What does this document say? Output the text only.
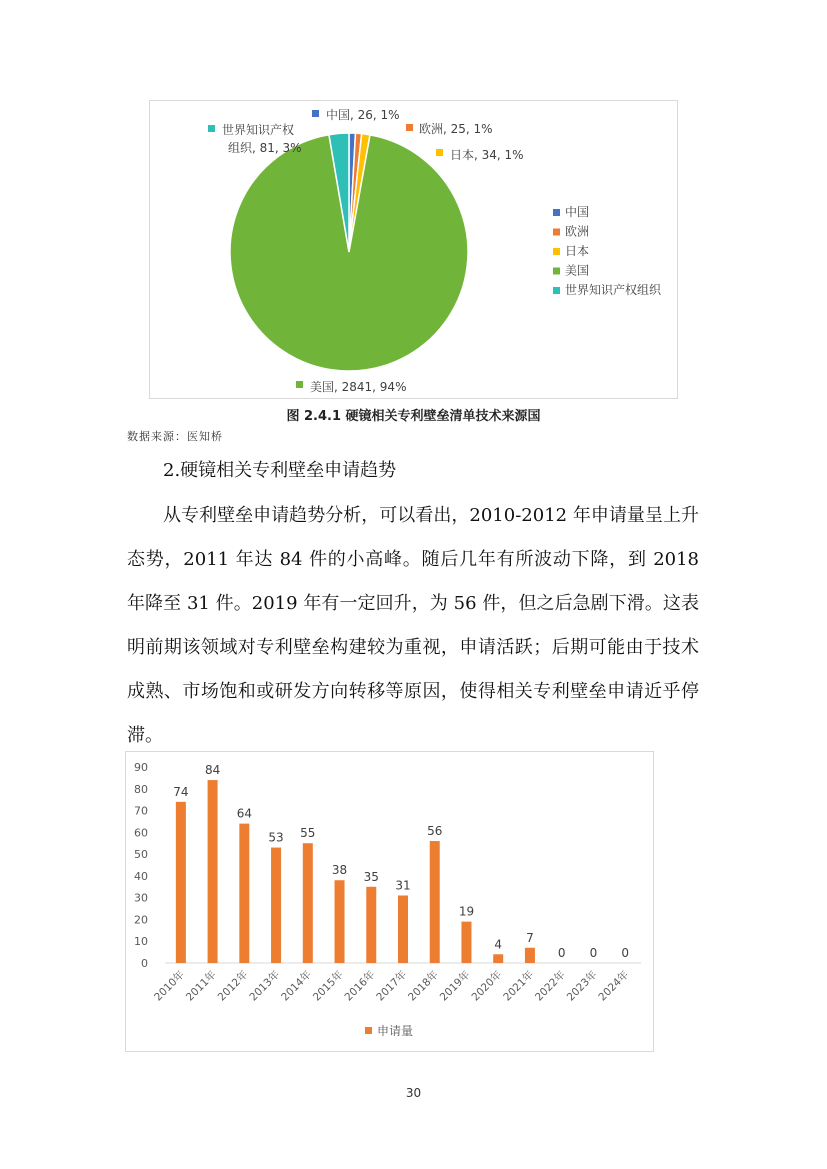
中国, 26, 1%
欧洲, 25, 1%
日本, 34, 1%
美国, 2841, 94%
世界知识产权
组织, 81, 3%
中国
欧洲
日本
美国
世界知识产权组织
图 2.4.1 硬镜相关专利壁垒清单技术来源国
数据来源：医知桥
2.硬镜相关专利壁垒申请趋势

从专利壁垒申请趋势分析，可以看出，2010-2012 年申请量呈上升态势，2011 年达 84 件的小高峰。随后几年有所波动下降，到 2018 年降至 31 件。2019 年有一定回升，为 56 件，但之后急剧下滑。这表明前期该领域对专利壁垒构建较为重视，申请活跃；后期可能由于技术成熟、市场饱和或研发方向转移等原因，使得相关专利壁垒申请近乎停滞。

0
10
20
30
40
50
60
70
80
90
74
2010年
84
2011年
64
2012年
53
2013年
55
2014年
38
2015年
35
2016年
31
2017年
56
2018年
19
2019年
4
2020年
7
2021年
0
2022年
0
2023年
0
2024年
申请量
30
